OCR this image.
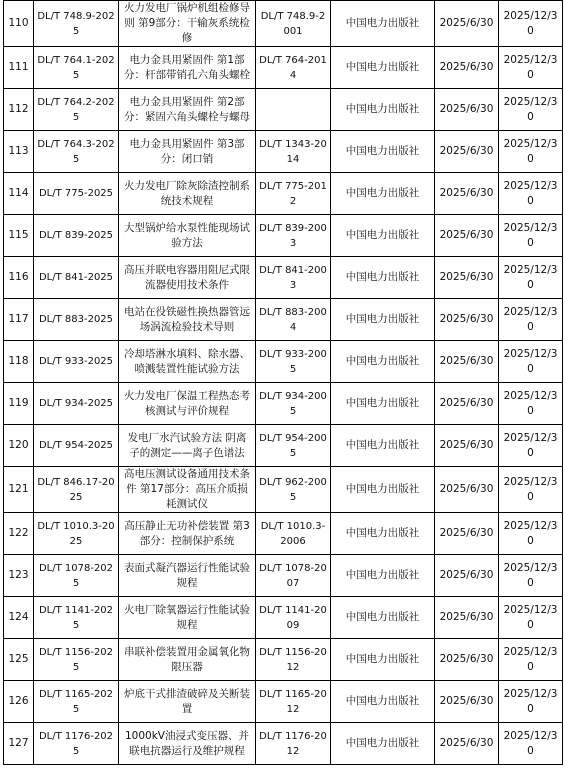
110	DL/T 748.9-2025	火力发电厂锅炉机组检修导则 第9部分：干输灰系统检修	DL/T 748.9-2001	中国电力出版社	2025/6/30	2025/12/30
111	DL/T 764.1-2025	电力金具用紧固件 第1部分：杆部带销孔六角头螺栓	DL/T 764-2014	中国电力出版社	2025/6/30	2025/12/30
112	DL/T 764.2-2025	电力金具用紧固件 第2部分：紧固六角头螺栓与螺母		中国电力出版社	2025/6/30	2025/12/30
113	DL/T 764.3-2025	电力金具用紧固件 第3部分：闭口销	DL/T 1343-2014	中国电力出版社	2025/6/30	2025/12/30
114	DL/T 775-2025	火力发电厂除灰除渣控制系统技术规程	DL/T 775-2012	中国电力出版社	2025/6/30	2025/12/30
115	DL/T 839-2025	大型锅炉给水泵性能现场试验方法	DL/T 839-2003	中国电力出版社	2025/6/30	2025/12/30
116	DL/T 841-2025	高压并联电容器用阻尼式限流器使用技术条件	DL/T 841-2003	中国电力出版社	2025/6/30	2025/12/30
117	DL/T 883-2025	电站在役铁磁性换热器管远场涡流检验技术导则	DL/T 883-2004	中国电力出版社	2025/6/30	2025/12/30
118	DL/T 933-2025	冷却塔淋水填料、除水器、喷溅装置性能试验方法	DL/T 933-2005	中国电力出版社	2025/6/30	2025/12/30
119	DL/T 934-2025	火力发电厂保温工程热态考核测试与评价规程	DL/T 934-2005	中国电力出版社	2025/6/30	2025/12/30
120	DL/T 954-2025	发电厂水汽试验方法 阴离子的测定——离子色谱法	DL/T 954-2005	中国电力出版社	2025/6/30	2025/12/30
121	DL/T 846.17-2025	高电压测试设备通用技术条件 第17部分：高压介质损耗测试仪	DL/T 962-2005	中国电力出版社	2025/6/30	2025/12/30
122	DL/T 1010.3-2025	高压静止无功补偿装置 第3部分：控制保护系统	DL/T 1010.3-2006	中国电力出版社	2025/6/30	2025/12/30
123	DL/T 1078-2025	表面式凝汽器运行性能试验规程	DL/T 1078-2007	中国电力出版社	2025/6/30	2025/12/30
124	DL/T 1141-2025	火电厂除氧器运行性能试验规程	DL/T 1141-2009	中国电力出版社	2025/6/30	2025/12/30
125	DL/T 1156-2025	串联补偿装置用金属氧化物限压器	DL/T 1156-2012	中国电力出版社	2025/6/30	2025/12/30
126	DL/T 1165-2025	炉底干式排渣破碎及关断装置	DL/T 1165-2012	中国电力出版社	2025/6/30	2025/12/30
127	DL/T 1176-2025	1000kV油浸式变压器、并联电抗器运行及维护规程	DL/T 1176-2012	中国电力出版社	2025/6/30	2025/12/30
